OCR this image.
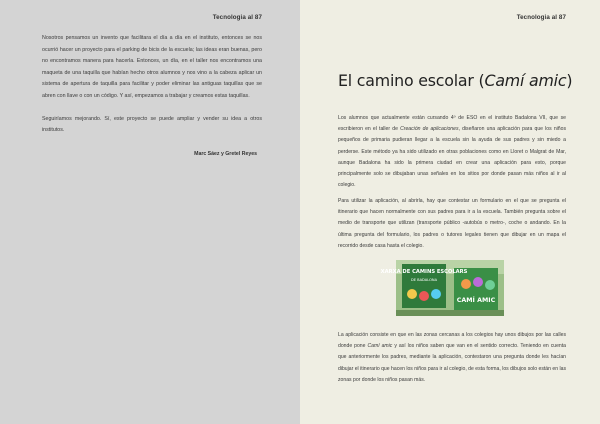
Tecnologia al 87

Nosotros pensamos un invento que facilitara el día a día en el instituto, entonces se nos ocurrió hacer un proyecto para el parking de bicis de la escuela; las ideas eran buenas, pero no encontramos manera para hacerla. Entonces, un día, en el taller nos encontramos una maqueta de una taquilla que habían hecho otros alumnos y nos vino a la cabeza aplicar un sistema de apertura de taquilla para facilitar y poder eliminar las antiguas taquillas que se abren con llave o con un código. Y así, empezamos a trabajar y creamos estas taquillas.

Seguiríamos mejorando. Sí, este proyecto se puede ampliar y vender su idea a otros institutos.

Marc Sáez y Gretel Reyes
Tecnologia al 87
El camino escolar (Camí amic)

Los alumnos que actualmente están cursando 4º de ESO en el instituto Badalona VII, que se escribieron en el taller de Creación de aplicaciones, diseñaron una aplicación para que los niños pequeños de primaria pudieran llegar a la escuela sin la ayuda de sus padres y sin miedo a perderse. Este método ya ha sido utilizado en otras poblaciones como en Lloret o Malgrat de Mar, aunque Badalona ha sido la primera ciudad en crear una aplicación para esto, porque principalmente solo se dibujaban unas señales en los sitios por donde pasan más niños al ir al colegio.

Para utilizar la aplicación, al abrirla, hay que contestar un formulario en el que se pregunta el itinerario que hacen normalmente con sus padres para ir a la escuela. También pregunta sobre el medio de transporte que utilizan (transporte público -autobús o metro-, coche o andando. En la última pregunta del formulario, los padres o tutores legales tienen que dibujar en un mapa el recorrido desde casa hasta el colegio.
XARXA DE CAMINS ESCOLARS
DE BADALONA
CAMÍ AMIC
La aplicación consiste en que en las zonas cercanas a los colegios hay unos dibujos por las calles donde pone Camí amic y así los niños saben que van en el sentido correcto. Teniendo en cuenta que anteriormente los padres, mediante la aplicación, contestaron una pregunta donde les hacían dibujar el itinerario que hacen los niños para ir al colegio, de esta forma, los dibujos solo están en las zonas por donde los niños pasan más.
